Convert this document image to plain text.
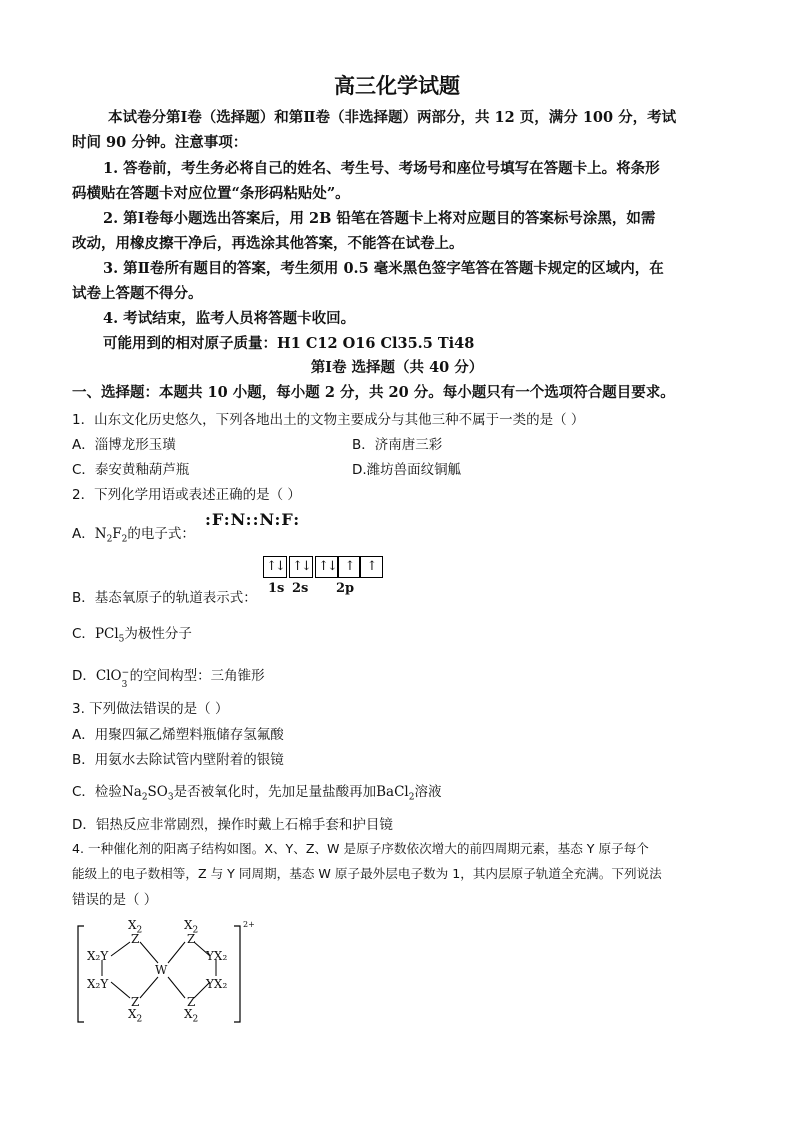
高三化学试题
本试卷分第Ⅰ卷（选择题）和第Ⅱ卷（非选择题）两部分，共 12 页，满分 100 分，考试
时间 90 分钟。注意事项：
1. 答卷前，考生务必将自己的姓名、考生号、考场号和座位号填写在答题卡上。将条形
码横贴在答题卡对应位置“条形码粘贴处”。
2. 第Ⅰ卷每小题选出答案后，用 2B 铅笔在答题卡上将对应题目的答案标号涂黑，如需
改动，用橡皮擦干净后，再选涂其他答案，不能答在试卷上。
3. 第Ⅱ卷所有题目的答案，考生须用 0.5 毫米黑色签字笔答在答题卡规定的区域内，在
试卷上答题不得分。
4. 考试结束，监考人员将答题卡收回。
可能用到的相对原子质量：H1 C12 O16 Cl35.5 Ti48
第Ⅰ卷 选择题（共 40 分）
一、选择题：本题共 10 小题，每小题 2 分，共 20 分。每小题只有一个选项符合题目要求。
1．山东文化历史悠久，下列各地出土的文物主要成分与其他三种不属于一类的是（ ）
A．淄博龙形玉璜	B．济南唐三彩
C．泰安黄釉葫芦瓶	D.潍坊兽面纹铜觚
2．下列化学用语或表述正确的是（ ）
A．$N_2F_2$的电子式：
:F:N::N:F:
B．基态氧原子的轨道表示式：
↑↓ ↑↓ ↑↓ ↑	↑
1s 2s 2p
C．PCl$_5$为极性分子
D．ClO −
3
的空间构型：三角锥形
3. 下列做法错误的是（ ）
A．用聚四氟乙烯塑料瓶储存氢氟酸
B．用氨水去除试管内壁附着的银镜
C．检验$Na_2SO_3$是否被氧化时，先加足量盐酸再加BaCl$_2$溶液
D．铝热反应非常剧烈，操作时戴上石棉手套和护目镜
4. 一种催化剂的阳离子结构如图。X、Y、Z、W 是原子序数依次增大的前四周期元素，基态 Y 原子每个
能级上的电子数相等，Z 与 Y 同周期，基态 W 原子最外层电子数为 1，其内层原子轨道全充满。下列说法
错误的是（ ）
$X_2$
Z
$X_2$
Z
X₂Y	YX₂
W
X₂Y	YX₂
Z
$X_2$
Z
$X_2$
2+
